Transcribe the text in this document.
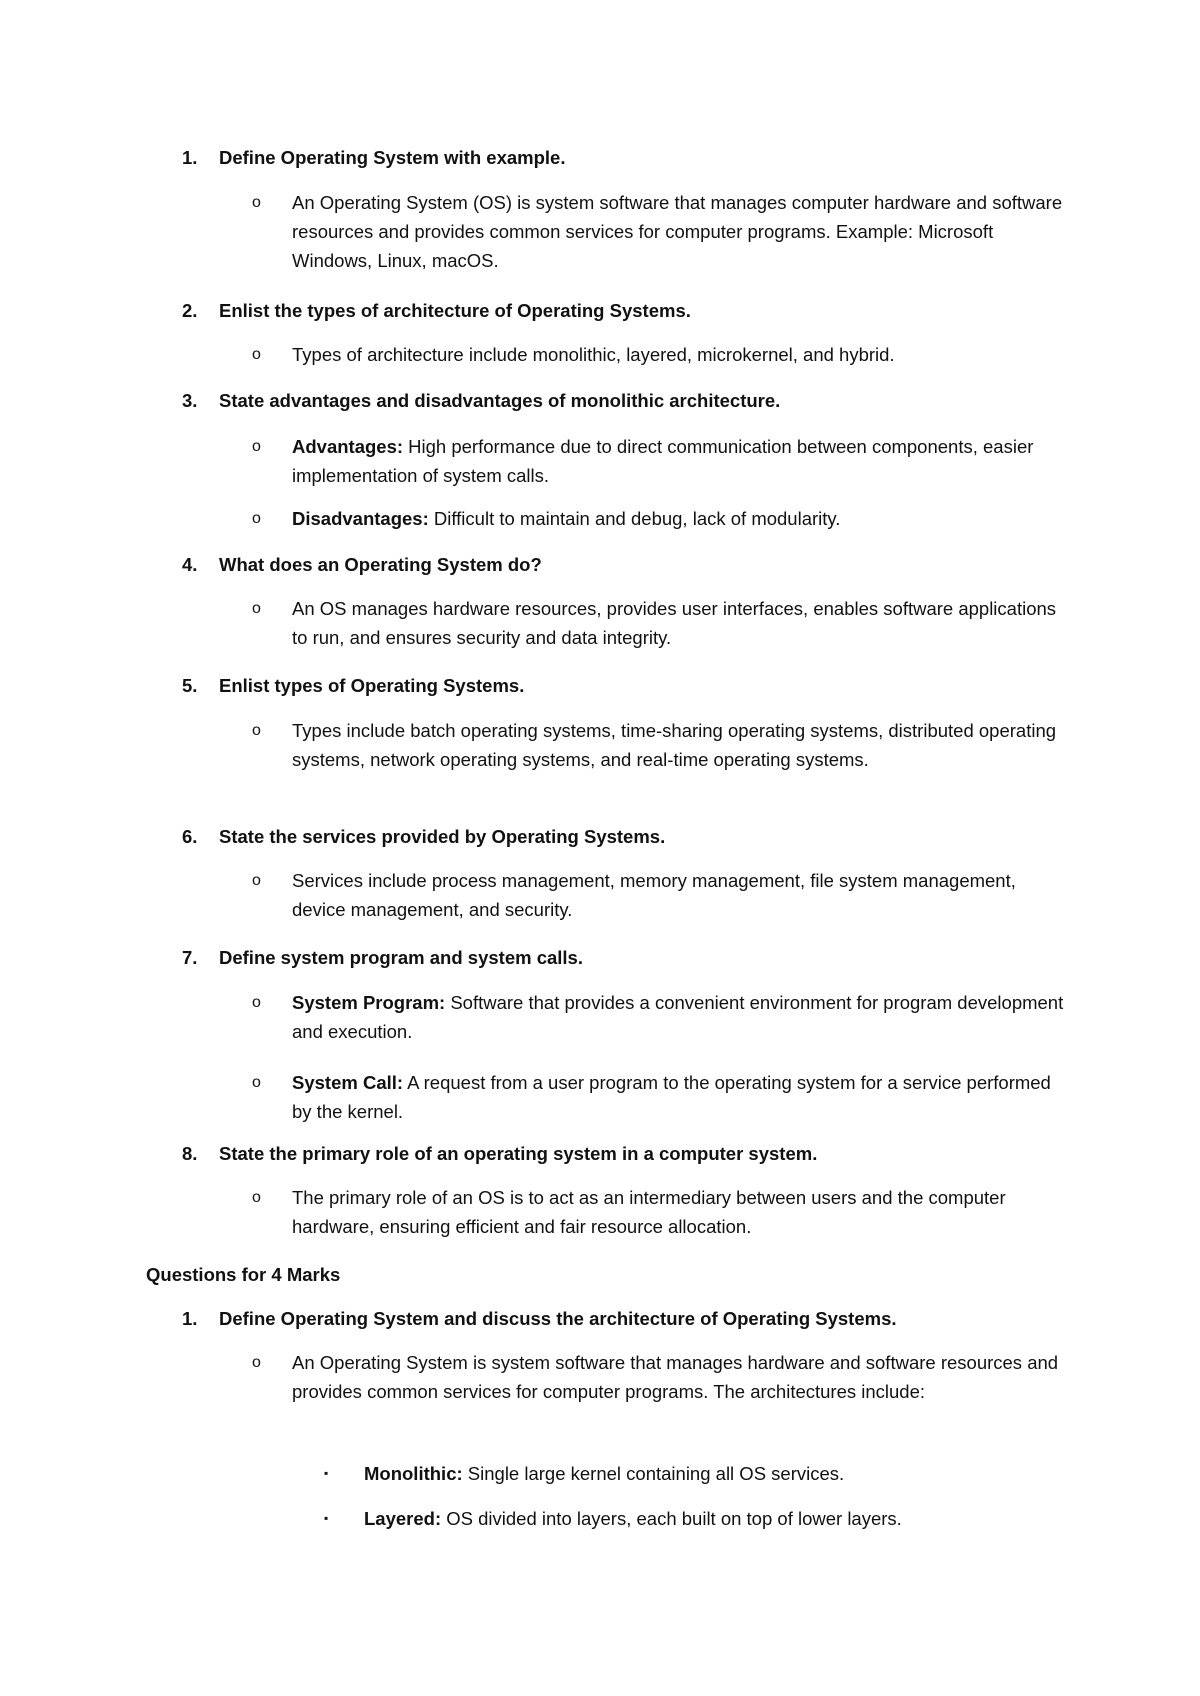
1. Define Operating System with example.
o An Operating System (OS) is system software that manages computer hardware and software resources and provides common services for computer programs. Example: Microsoft Windows, Linux, macOS.
2. Enlist the types of architecture of Operating Systems.
o Types of architecture include monolithic, layered, microkernel, and hybrid.
3. State advantages and disadvantages of monolithic architecture.
o Advantages: High performance due to direct communication between components, easier implementation of system calls.
o Disadvantages: Difficult to maintain and debug, lack of modularity.
4. What does an Operating System do?
o An OS manages hardware resources, provides user interfaces, enables software applications to run, and ensures security and data integrity.
5. Enlist types of Operating Systems.
o Types include batch operating systems, time-sharing operating systems, distributed operating systems, network operating systems, and real-time operating systems.
6. State the services provided by Operating Systems.
o Services include process management, memory management, file system management, device management, and security.
7. Define system program and system calls.
o System Program: Software that provides a convenient environment for program development and execution.
o System Call: A request from a user program to the operating system for a service performed by the kernel.
8. State the primary role of an operating system in a computer system.
o The primary role of an OS is to act as an intermediary between users and the computer hardware, ensuring efficient and fair resource allocation.
Questions for 4 Marks
1. Define Operating System and discuss the architecture of Operating Systems.
o An Operating System is system software that manages hardware and software resources and provides common services for computer programs. The architectures include:
▪ Monolithic: Single large kernel containing all OS services.
▪ Layered: OS divided into layers, each built on top of lower layers.
